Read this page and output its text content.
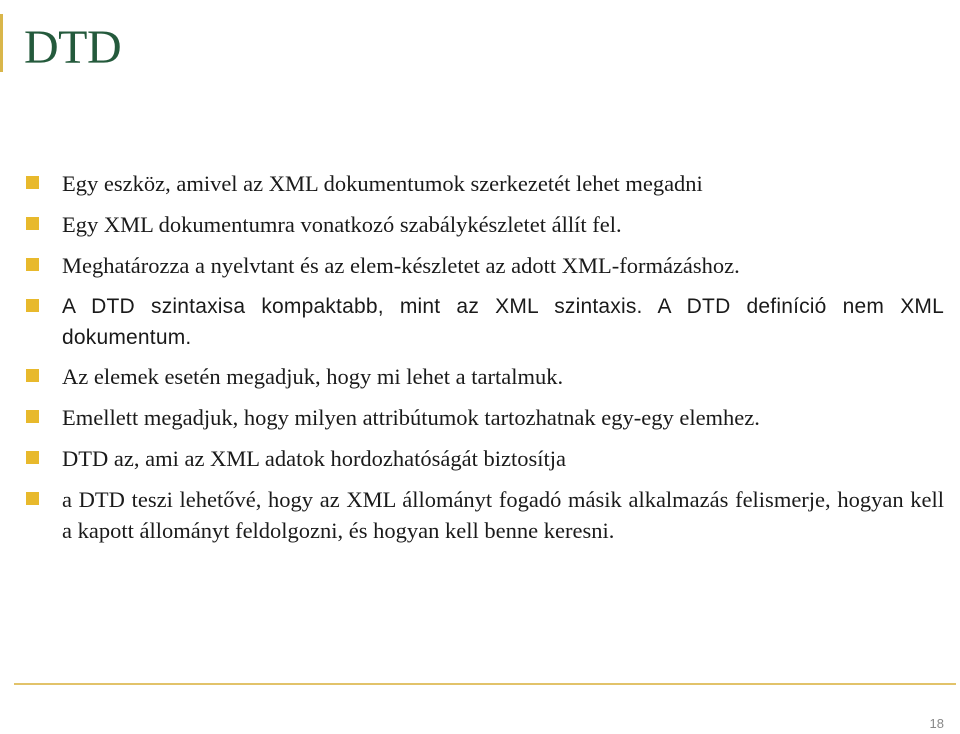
DTD
Egy eszköz, amivel az XML dokumentumok szerkezetét lehet megadni
Egy XML dokumentumra vonatkozó szabálykészletet állít fel.
Meghatározza a nyelvtant és az elem-készletet az adott XML-formázáshoz.
A DTD szintaxisa kompaktabb, mint az XML szintaxis. A DTD definíció nem XML dokumentum.
Az elemek esetén megadjuk, hogy mi lehet a tartalmuk.
Emellett megadjuk, hogy milyen attribútumok tartozhatnak egy-egy elemhez.
DTD az, ami az XML adatok hordozhatóságát biztosítja
a DTD teszi lehetővé, hogy az XML állományt fogadó másik alkalmazás felismerje, hogyan kell a kapott állományt feldolgozni, és hogyan kell benne keresni.
18
